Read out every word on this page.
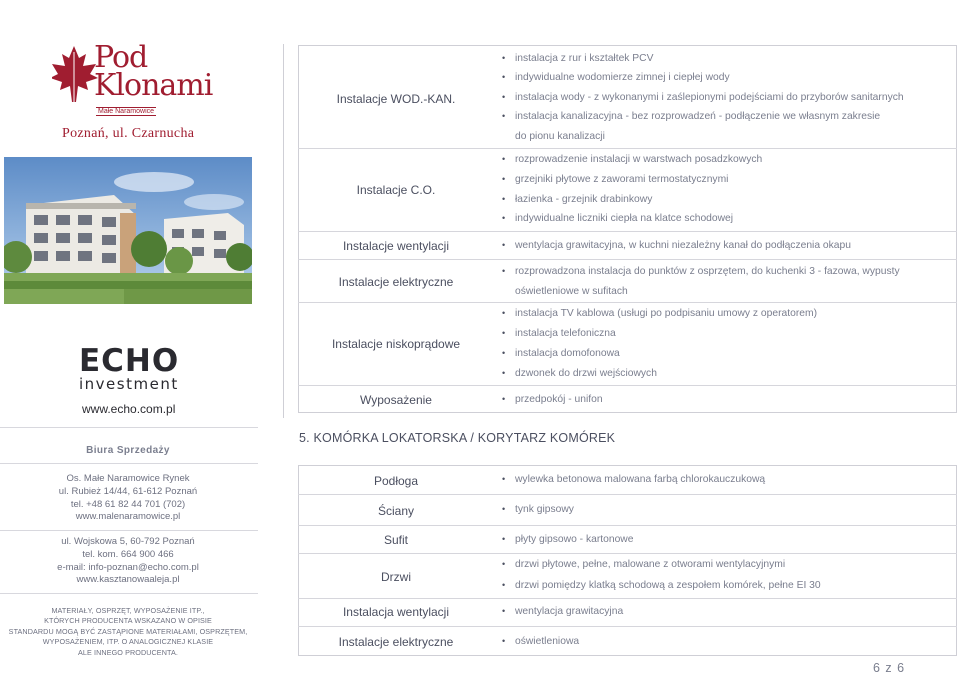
Pod
Klonami
Małe Naramowice
Poznań, ul. Czarnucha
ECHO
investment
www.echo.com.pl
Biura Sprzedaży
Os. Małe Naramowice Rynek
ul. Rubież 14/44, 61-612 Poznań
tel. +48 61 82 44 701 (702)
www.malenaramowice.pl
ul. Wojskowa 5, 60-792 Poznań
tel. kom. 664 900 466
e-mail: info-poznan@echo.com.pl
www.kasztanowaaleja.pl
MATERIAŁY, OSPRZĘT, WYPOSAŻENIE ITP.,
KTÓRYCH PRODUCENTA WSKAZANO W OPISIE
STANDARDU MOGĄ BYĆ ZASTĄPIONE MATERIAŁAMI, OSPRZĘTEM,
WYPOSAŻENIEM, ITP. O ANALOGICZNEJ KLASIE
ALE INNEGO PRODUCENTA.
Instalacje WOD.-KAN.
Instalacje C.O.
Instalacje wentylacji
Instalacje elektryczne
Instalacje niskoprądowe
Wyposażenie
• instalacja z rur i kształtek PCV
• indywidualne wodomierze zimnej i ciepłej wody
• instalacja wody - z wykonanymi i zaślepionymi podejściami do przyborów sanitarnych
• instalacja kanalizacyjna - bez rozprowadzeń - podłączenie we własnym zakresie
do pionu kanalizacji
• rozprowadzenie instalacji w warstwach posadzkowych
• grzejniki płytowe z zaworami termostatycznymi
• łazienka - grzejnik drabinkowy
• indywidualne liczniki ciepła na klatce schodowej
• wentylacja grawitacyjna, w kuchni niezależny kanał do podłączenia okapu
• rozprowadzona instalacja do punktów z osprzętem, do kuchenki 3 - fazowa, wypusty
oświetleniowe w sufitach
• instalacja TV kablowa (usługi po podpisaniu umowy z operatorem)
• instalacja telefoniczna
• instalacja domofonowa
• dzwonek do drzwi wejściowych
• przedpokój - unifon
5. KOMÓRKA LOKATORSKA / KORYTARZ KOMÓREK
Podłoga
Ściany
Sufit
Drzwi
Instalacja wentylacji
Instalacje elektryczne
• wylewka betonowa malowana farbą chlorokauczukową
• tynk gipsowy
• płyty gipsowo - kartonowe
• drzwi płytowe, pełne, malowane z otworami wentylacyjnymi
• drzwi pomiędzy klatką schodową a zespołem komórek, pełne EI 30
• wentylacja grawitacyjna
• oświetleniowa
6 z 6
